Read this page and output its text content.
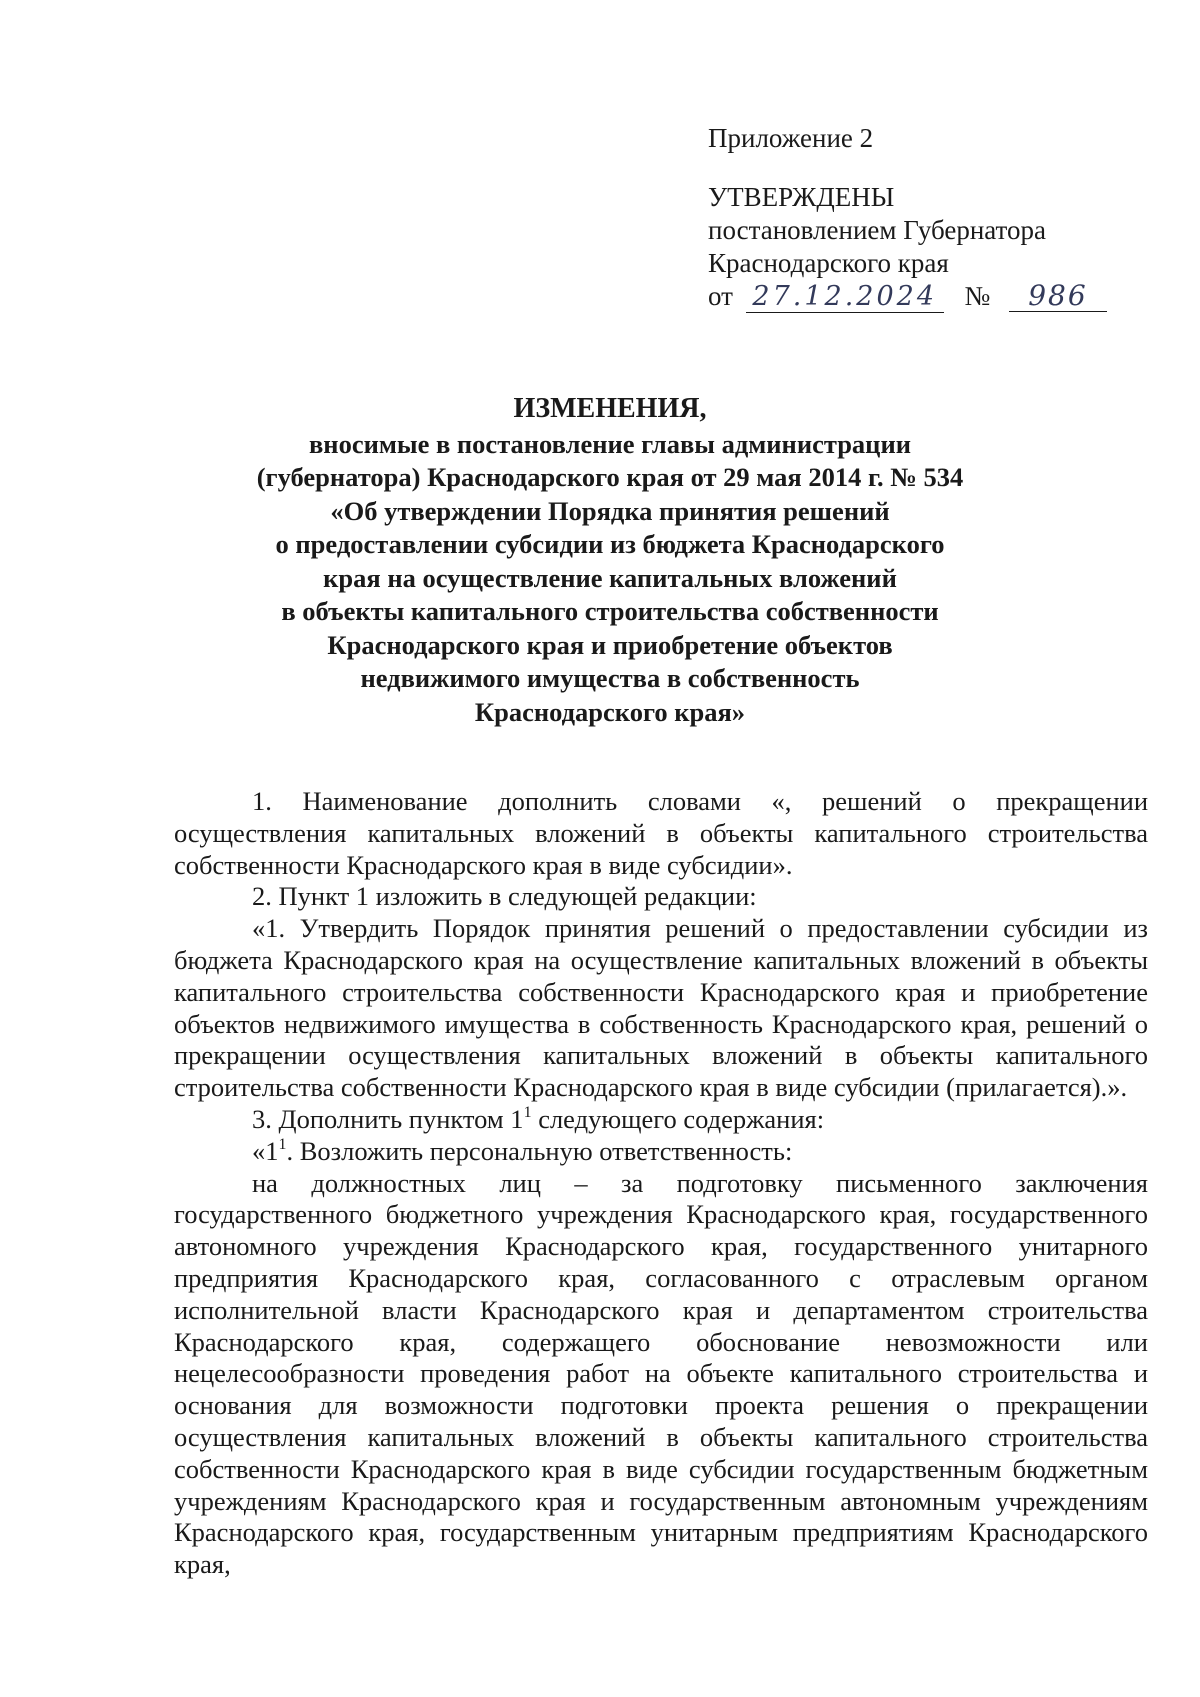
Приложение 2
УТВЕРЖДЕНЫ
постановлением Губернатора
Краснодарского края
от 27.12.2024 № 986
ИЗМЕНЕНИЯ,
вносимые в постановление главы администрации
(губернатора) Краснодарского края от 29 мая 2014 г. № 534
«Об утверждении Порядка принятия решений
о предоставлении субсидии из бюджета Краснодарского
края на осуществление капитальных вложений
в объекты капитального строительства собственности
Краснодарского края и приобретение объектов
недвижимого имущества в собственность
Краснодарского края»

1. Наименование дополнить словами «, решений о прекращении осуществления капитальных вложений в объекты капитального строительства собственности Краснодарского края в виде субсидии».

2. Пункт 1 изложить в следующей редакции:

«1. Утвердить Порядок принятия решений о предоставлении субсидии из бюджета Краснодарского края на осуществление капитальных вложений в объекты капитального строительства собственности Краснодарского края и приобретение объектов недвижимого имущества в собственность Краснодарского края, решений о прекращении осуществления капитальных вложений в объекты капитального строительства собственности Краснодарского края в виде субсидии (прилагается).».

3. Дополнить пунктом $1^1$ следующего содержания:

«$1^1$. Возложить персональную ответственность:

на должностных лиц – за подготовку письменного заключения государственного бюджетного учреждения Краснодарского края, государственного автономного учреждения Краснодарского края, государственного унитарного предприятия Краснодарского края, согласованного с отраслевым органом исполнительной власти Краснодарского края и департаментом строительства Краснодарского края, содержащего обоснование невозможности или нецелесообразности проведения работ на объекте капитального строительства и основания для возможности подготовки проекта решения о прекращении осуществления капитальных вложений в объекты капитального строительства собственности Краснодарского края в виде субсидии государственным бюджетным учреждениям Краснодарского края и государственным автономным учреждениям Краснодарского края, государственным унитарным предприятиям Краснодарского края,
